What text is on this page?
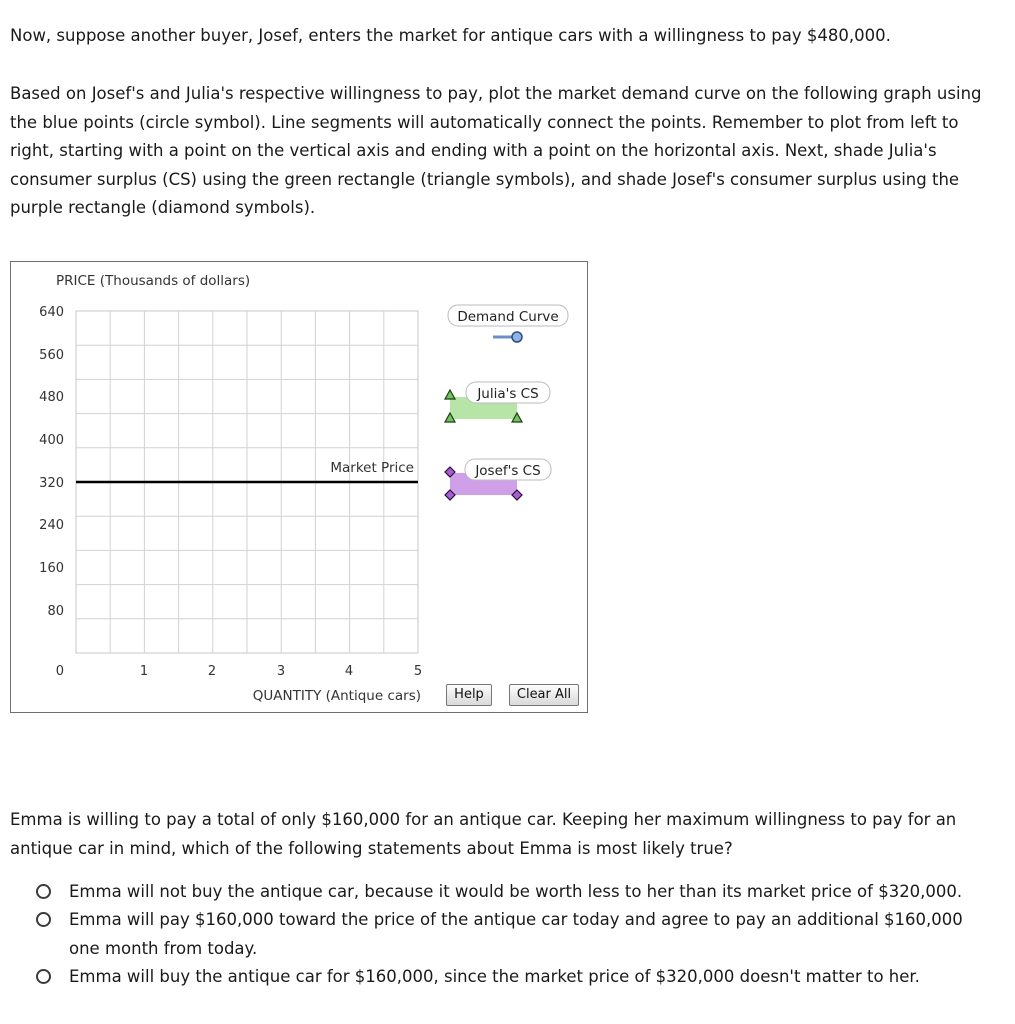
Now, suppose another buyer, Josef, enters the market for antique cars with a willingness to pay $480,000.

Based on Josef's and Julia's respective willingness to pay, plot the market demand curve on the following graph using
the blue points (circle symbol). Line segments will automatically connect the points. Remember to plot from left to
right, starting with a point on the vertical axis and ending with a point on the horizontal axis. Next, shade Julia's
consumer surplus (CS) using the green rectangle (triangle symbols), and shade Josef's consumer surplus using the
purple rectangle (diamond symbols).
PRICE (Thousands of dollars)
640
560
480
400
320
240
160
80
0	1	2	3	4	5
QUANTITY (Antique cars)
Market Price
Demand Curve
Julia's CS
Josef's CS
Help	Clear All
Emma is willing to pay a total of only $160,000 for an antique car. Keeping her maximum willingness to pay for an
antique car in mind, which of the following statements about Emma is most likely true?
Emma will not buy the antique car, because it would be worth less to her than its market price of $320,000.
Emma will pay $160,000 toward the price of the antique car today and agree to pay an additional $160,000
one month from today.
Emma will buy the antique car for $160,000, since the market price of $320,000 doesn't matter to her.
